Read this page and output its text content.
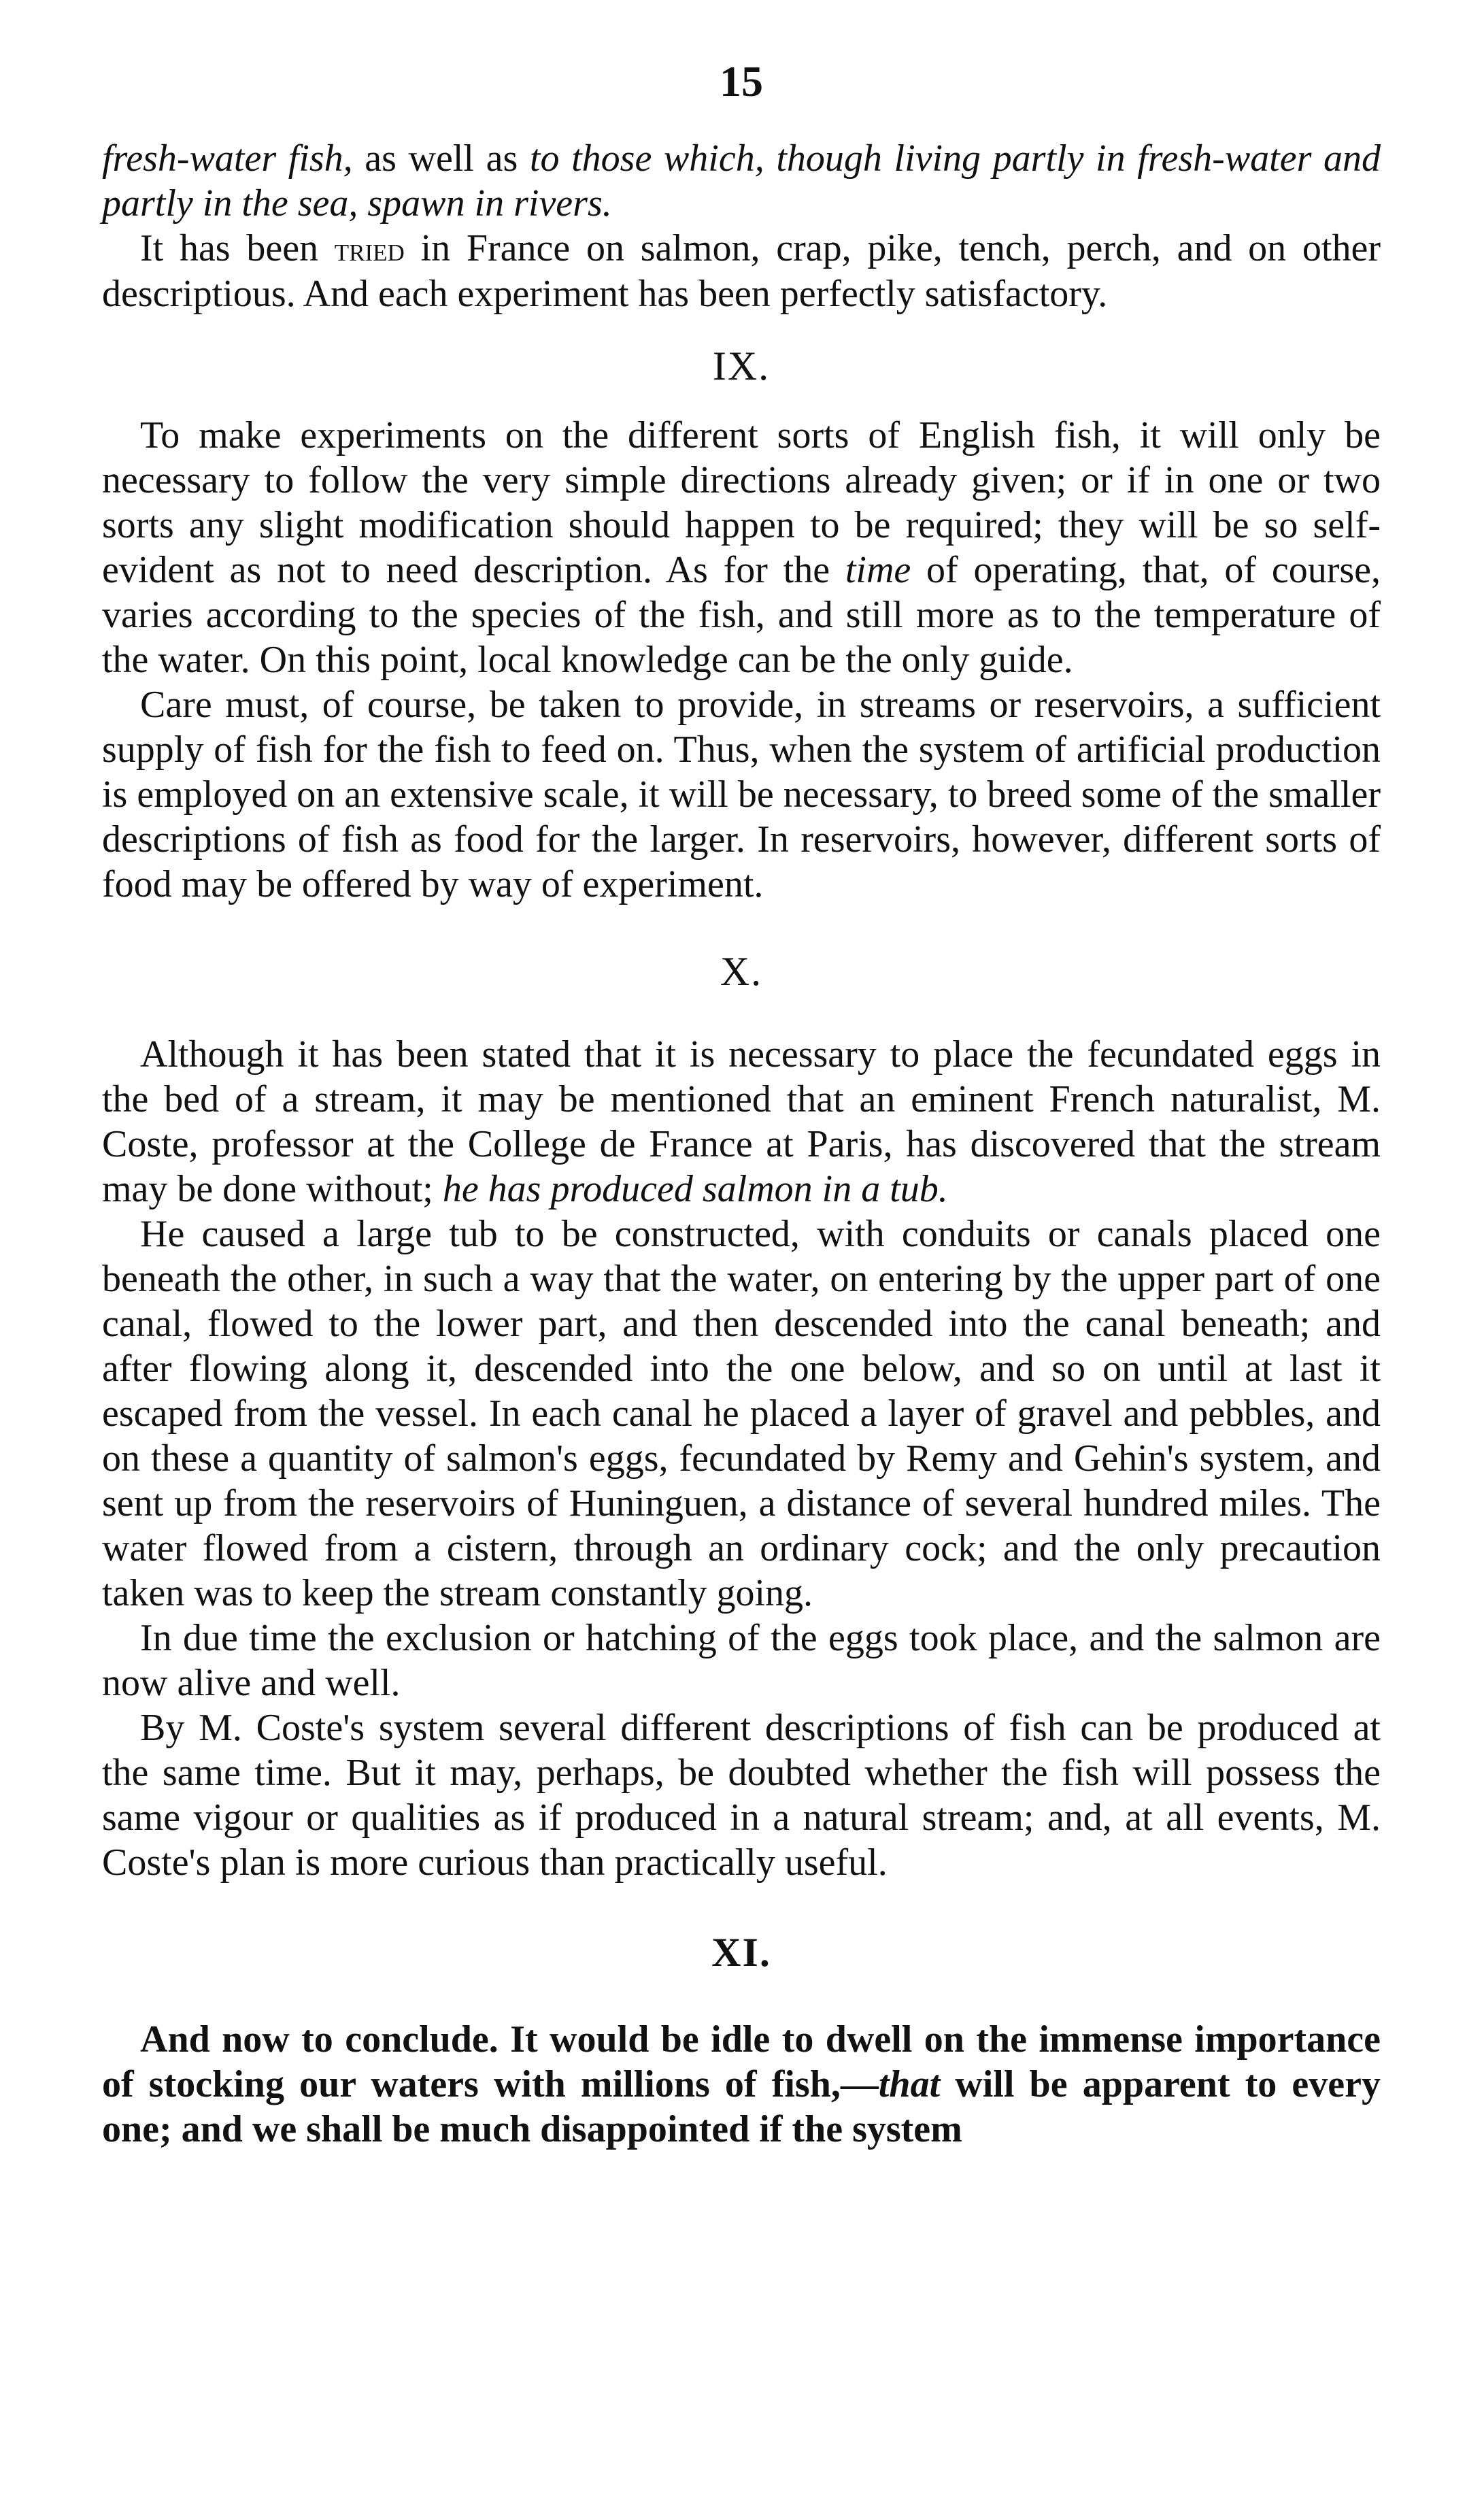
15

fresh-water fish, as well as to those which, though living partly in fresh-water and partly in the sea, spawn in rivers.

It has been tried in France on salmon, crap, pike, tench, perch, and on other descriptious. And each experiment has been perfectly satisfactory.

IX.

To make experiments on the different sorts of English fish, it will only be necessary to follow the very simple directions already given; or if in one or two sorts any slight modification should happen to be required; they will be so self-evident as not to need description. As for the time of operating, that, of course, varies according to the species of the fish, and still more as to the temperature of the water. On this point, local knowledge can be the only guide.

Care must, of course, be taken to provide, in streams or reservoirs, a sufficient supply of fish for the fish to feed on. Thus, when the system of artificial production is employed on an extensive scale, it will be necessary, to breed some of the smaller descriptions of fish as food for the larger. In reservoirs, however, different sorts of food may be offered by way of experiment.

X.

Although it has been stated that it is necessary to place the fecundated eggs in the bed of a stream, it may be mentioned that an eminent French naturalist, M. Coste, professor at the College de France at Paris, has discovered that the stream may be done without; he has produced salmon in a tub.

He caused a large tub to be constructed, with conduits or canals placed one beneath the other, in such a way that the water, on entering by the upper part of one canal, flowed to the lower part, and then descended into the canal beneath; and after flowing along it, descended into the one below, and so on until at last it escaped from the vessel. In each canal he placed a layer of gravel and pebbles, and on these a quantity of salmon's eggs, fecundated by Remy and Gehin's system, and sent up from the reservoirs of Huninguen, a distance of several hundred miles. The water flowed from a cistern, through an ordinary cock; and the only precaution taken was to keep the stream constantly going.

In due time the exclusion or hatching of the eggs took place, and the salmon are now alive and well.

By M. Coste's system several different descriptions of fish can be produced at the same time. But it may, perhaps, be doubted whether the fish will possess the same vigour or qualities as if produced in a natural stream; and, at all events, M. Coste's plan is more curious than practically useful.

XI.

And now to conclude. It would be idle to dwell on the immense importance of stocking our waters with millions of fish,—that will be apparent to every one; and we shall be much disappointed if the system
